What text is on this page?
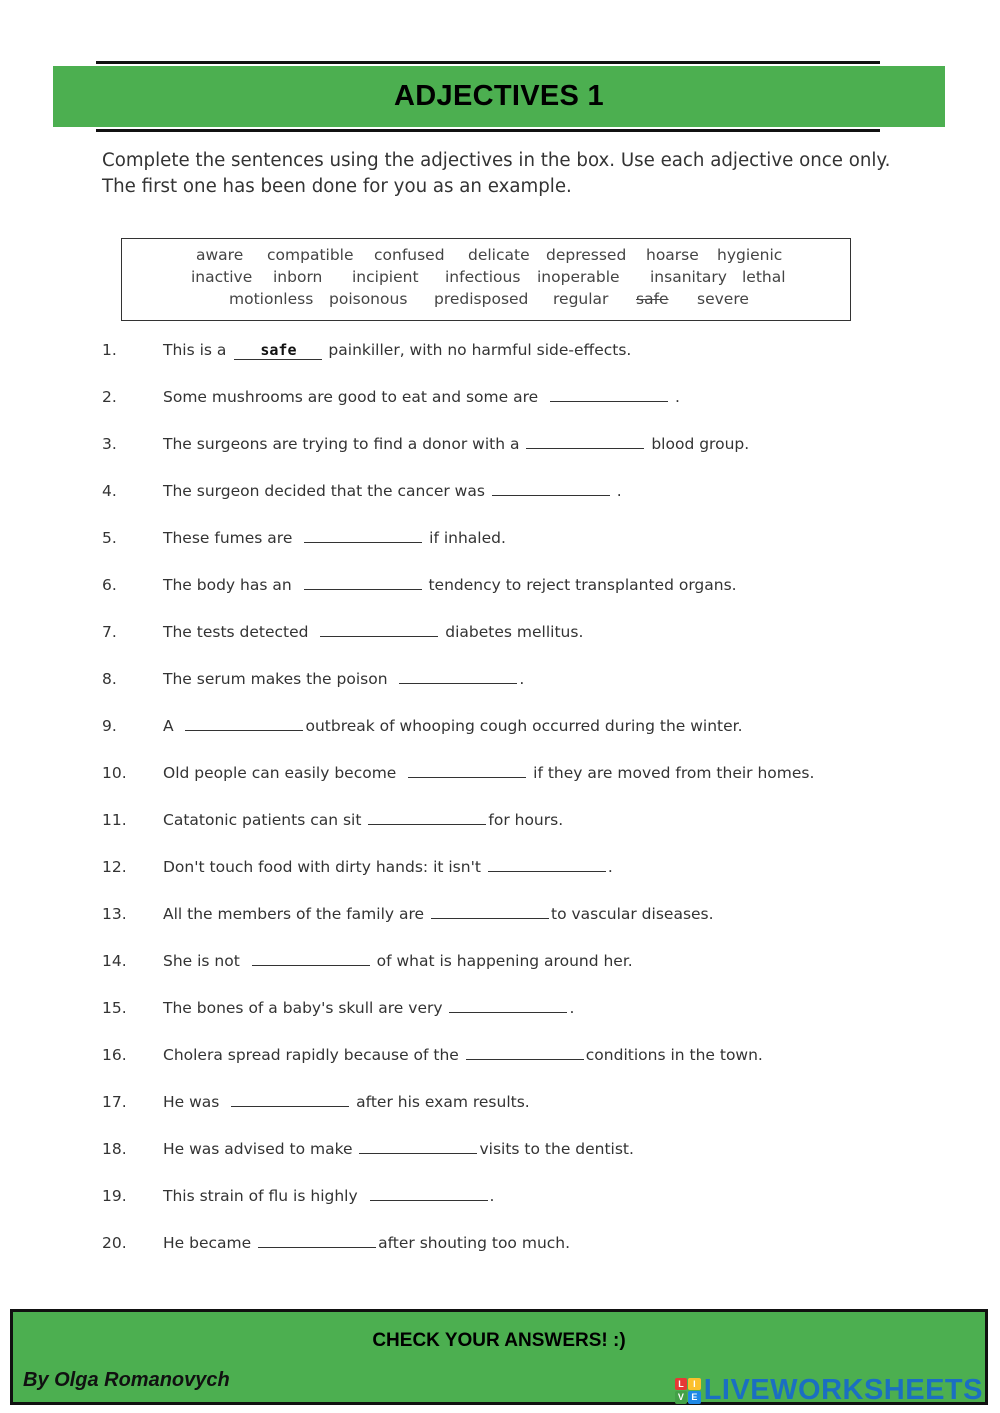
ADJECTIVES 1

Complete the sentences using the adjectives in the box. Use each adjective once only. The first one has been done for you as an example.

aware compatible confused delicate depressed hoarse hygienic
inactive inborn incipient infectious inoperable insanitary lethal
motionless poisonous predisposed regular safe severe
1.	This is a safe painkiller, with no harmful side-effects.
2.	Some mushrooms are good to eat and some are	.
3.	The surgeons are trying to find a donor with a	blood group.
4.	The surgeon decided that the cancer was	.
5.	These fumes are	if inhaled.
6.	The body has an	tendency to reject transplanted organs.
7.	The tests detected	diabetes mellitus.
8.	The serum makes the poison	.
9.	A	outbreak of whooping cough occurred during the winter.
10. Old people can easily become	if they are moved from their homes.
11. Catatonic patients can sit	for hours.
12. Don't touch food with dirty hands: it isn't	.
13. All the members of the family are	to vascular diseases.
14. She is not	of what is happening around her.
15. The bones of a baby's skull are very	.
16. Cholera spread rapidly because of the	conditions in the town.
17. He was	after his exam results.
18. He was advised to make	visits to the dentist.
19. This strain of flu is highly	.
20. He became	after shouting too much.
CHECK YOUR ANSWERS! :)
By Olga Romanovych	L	I
V E LIVEWORKSHEETS
